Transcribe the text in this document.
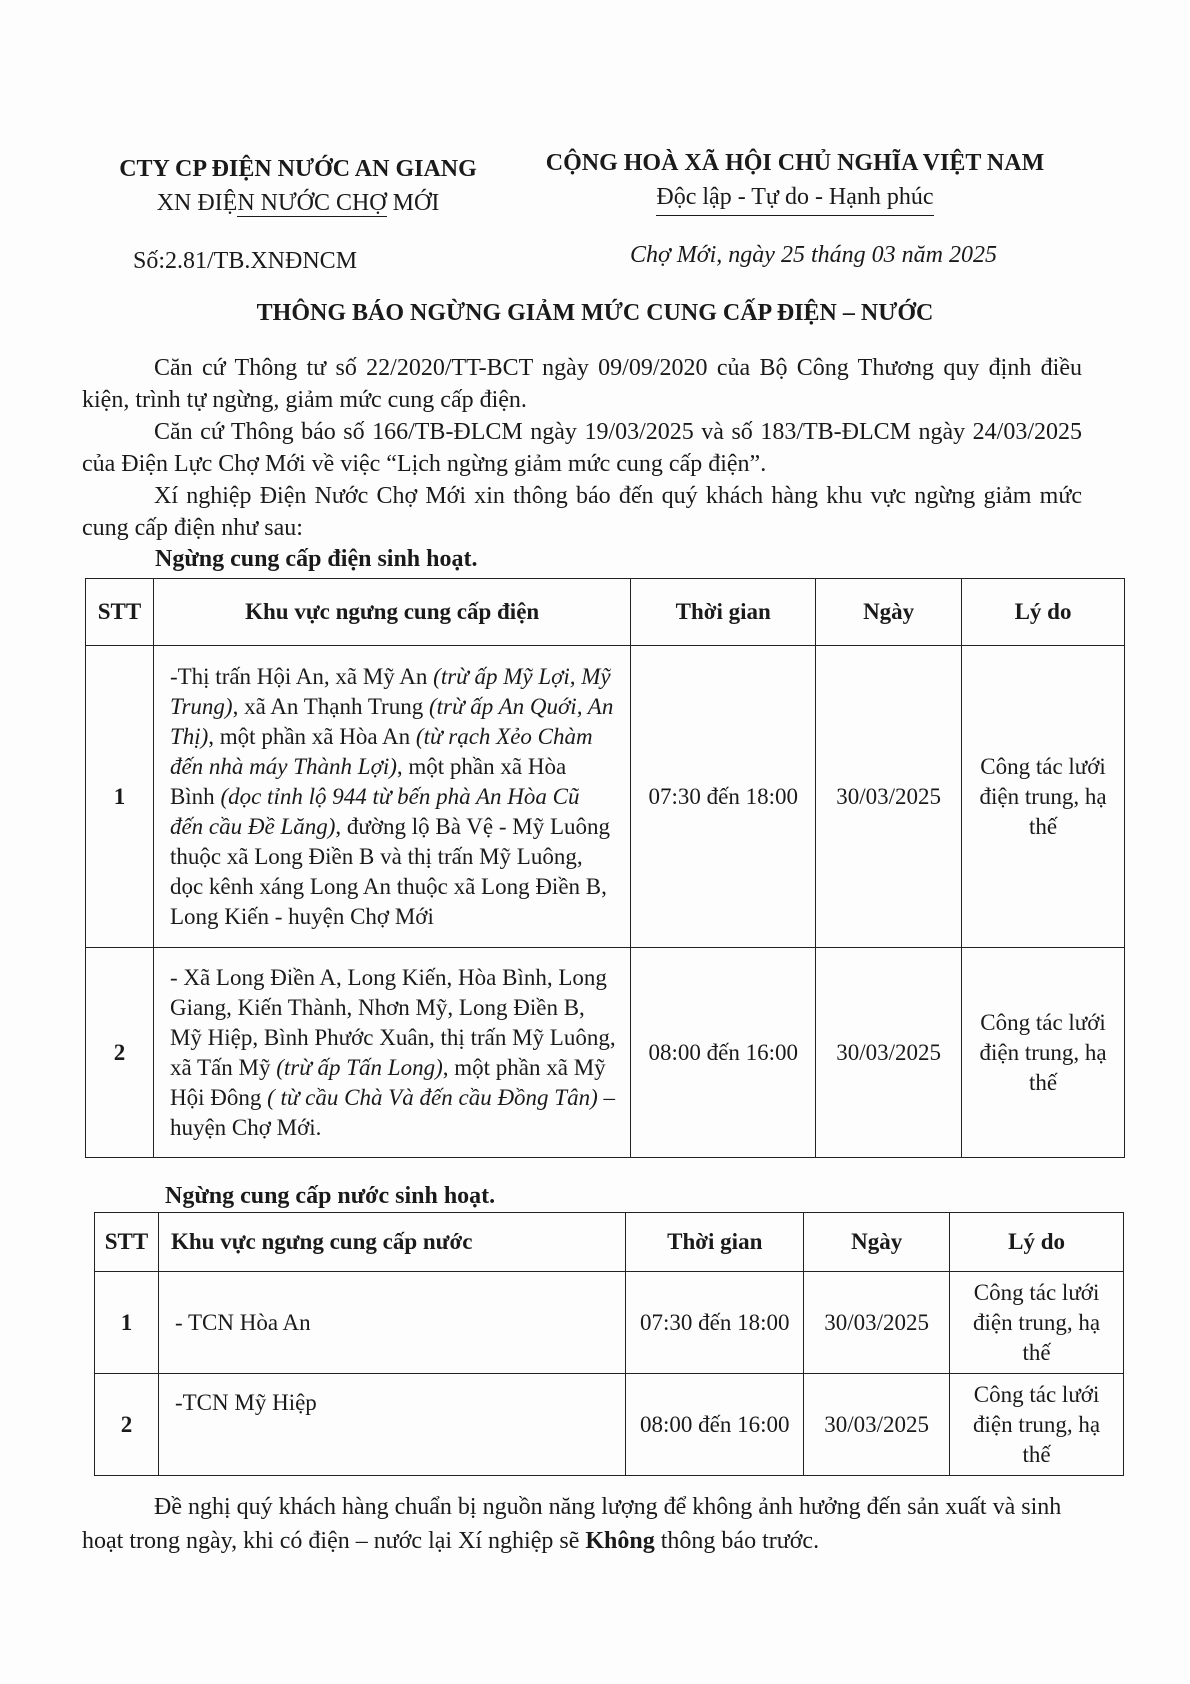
CTY CP ĐIỆN NƯỚC AN GIANG
XN ĐIỆN NƯỚC CHỢ MỚI
CỘNG HOÀ XÃ HỘI CHỦ NGHĨA VIỆT NAM
Độc lập - Tự do - Hạnh phúc
Số:2.81/TB.XNĐNCM	Chợ Mới, ngày 25 tháng 03 năm 2025
THÔNG BÁO NGỪNG GIẢM MỨC CUNG CẤP ĐIỆN – NƯỚC
Căn cứ Thông tư số 22/2020/TT-BCT ngày 09/09/2020 của Bộ Công Thương quy định điều kiện, trình tự ngừng, giảm mức cung cấp điện.
Căn cứ Thông báo số 166/TB-ĐLCM ngày 19/03/2025 và số 183/TB-ĐLCM ngày 24/03/2025 của Điện Lực Chợ Mới về việc “Lịch ngừng giảm mức cung cấp điện”.
Xí nghiệp Điện Nước Chợ Mới xin thông báo đến quý khách hàng khu vực ngừng giảm mức cung cấp điện như sau:
Ngừng cung cấp điện sinh hoạt.
STT	Khu vực ngưng cung cấp điện	Thời gian	Ngày	Lý do
1	-Thị trấn Hội An, xã Mỹ An (trừ ấp Mỹ Lợi, Mỹ Trung), xã An Thạnh Trung (trừ ấp An Quới, An Thị), một phần xã Hòa An (từ rạch Xẻo Chàm đến nhà máy Thành Lợi), một phần xã Hòa Bình (dọc tỉnh lộ 944 từ bến phà An Hòa Cũ đến cầu Đề Lăng), đường lộ Bà Vệ - Mỹ Luông thuộc xã Long Điền B và thị trấn Mỹ Luông, dọc kênh xáng Long An thuộc xã Long Điền B, Long Kiến - huyện Chợ Mới	07:30 đến 18:00	30/03/2025	Công tác lưới điện trung, hạ thế
2	- Xã Long Điền A, Long Kiến, Hòa Bình, Long Giang, Kiến Thành, Nhơn Mỹ, Long Điền B, Mỹ Hiệp, Bình Phước Xuân, thị trấn Mỹ Luông, xã Tấn Mỹ (trừ ấp Tấn Long), một phần xã Mỹ Hội Đông ( từ cầu Chà Và đến cầu Đồng Tân) – huyện Chợ Mới.	08:00 đến 16:00	30/03/2025	Công tác lưới điện trung, hạ thế
Ngừng cung cấp nước sinh hoạt.
STT	Khu vực ngưng cung cấp nước	Thời gian	Ngày	Lý do
1	- TCN Hòa An	07:30 đến 18:00	30/03/2025	Công tác lưới điện trung, hạ thế
2	-TCN Mỹ Hiệp	08:00 đến 16:00	30/03/2025	Công tác lưới điện trung, hạ thế
Đề nghị quý khách hàng chuẩn bị nguồn năng lượng để không ảnh hưởng đến sản xuất và sinh hoạt trong ngày, khi có điện – nước lại Xí nghiệp sẽ Không thông báo trước.
